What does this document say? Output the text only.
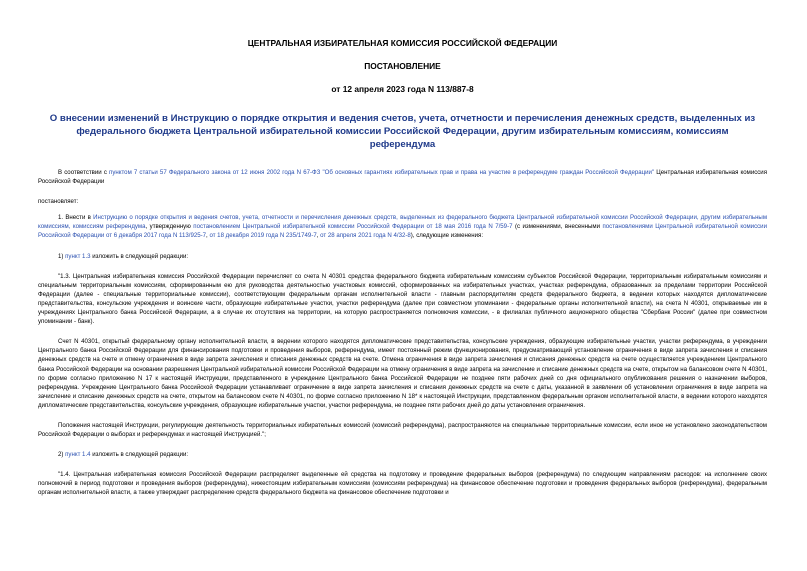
ЦЕНТРАЛЬНАЯ ИЗБИРАТЕЛЬНАЯ КОМИССИЯ РОССИЙСКОЙ ФЕДЕРАЦИИ
ПОСТАНОВЛЕНИЕ
от 12 апреля 2023 года N 113/887-8
О внесении изменений в Инструкцию о порядке открытия и ведения счетов, учета, отчетности и перечисления денежных средств, выделенных из федерального бюджета Центральной избирательной комиссии Российской Федерации, другим избирательным комиссиям, комиссиям референдума

В соответствии с пунктом 7 статьи 57 Федерального закона от 12 июня 2002 года N 67-ФЗ "Об основных гарантиях избирательных прав и права на участие в референдуме граждан Российской Федерации" Центральная избирательная комиссия Российской Федерации

постановляет:

1. Внести в Инструкцию о порядке открытия и ведения счетов, учета, отчетности и перечисления денежных средств, выделенных из федерального бюджета Центральной избирательной комиссии Российской Федерации, другим избирательным комиссиям, комиссиям референдума, утвержденную постановлением Центральной избирательной комиссии Российской Федерации от 18 мая 2016 года N 7/59-7 (с изменениями, внесенными постановлениями Центральной избирательной комиссии Российской Федерации от 6 декабря 2017 года N 113/925-7, от 18 декабря 2019 года N 235/1749-7, от 28 апреля 2021 года N 4/32-8), следующие изменения:

1) пункт 1.3 изложить в следующей редакции:

"1.3. Центральная избирательная комиссия Российской Федерации перечисляет со счета N 40301 средства федерального бюджета избирательным комиссиям субъектов Российской Федерации, территориальным избирательным комиссиям и специальным территориальным комиссиям, сформированным ею для руководства деятельностью участковых комиссий, сформированных на избирательных участках, участках референдума, образованных за пределами территории Российской Федерации (далее - специальные территориальные комиссии), соответствующим федеральным органам исполнительной власти - главным распорядителям средств федерального бюджета, в ведении которых находятся дипломатические представительства, консульские учреждения и воинские части, образующие избирательные участки, участки референдума (далее при совместном упоминании - федеральные органы исполнительной власти), на счета N 40301, открываемые им в учреждениях Центрального банка Российской Федерации, а в случае их отсутствия на территории, на которую распространяется полномочия комиссии, - в филиалах публичного акционерного общества "Сбербанк России" (далее при совместном упоминании - банк).

Счет N 40301, открытый федеральному органу исполнительной власти, в ведении которого находятся дипломатические представительства, консульские учреждения, образующие избирательные участки, участки референдума, в учреждении Центрального банка Российской Федерации для финансирования подготовки и проведения выборов, референдума, имеет постоянный режим функционирования, предусматривающий установление ограничения в виде запрета зачисления и списания денежных средств на счете и отмену ограничения в виде запрета зачисления и списания денежных средств на счете. Отмена ограничения в виде запрета зачисления и списания денежных средств на счете осуществляется учреждением Центрального банка Российской Федерации на основании разрешения Центральной избирательной комиссии Российской Федерации на отмену ограничения в виде запрета на зачисление и списание денежных средств на счете, открытом на балансовом счете N 40301, по форме согласно приложению N 17 к настоящей Инструкции, представленного в учреждение Центрального банка Российской Федерации не позднее пяти рабочих дней со дня официального опубликования решения о назначении выборов, референдума. Учреждение Центрального банка Российской Федерации устанавливает ограничение в виде запрета зачисления и списания денежных средств на счете с даты, указанной в заявлении об установлении ограничения в виде запрета на зачисление и списание денежных средств на счете, открытом на балансовом счете N 40301, по форме согласно приложению N 18* к настоящей Инструкции, представленном федеральным органом исполнительной власти, в ведении которого находятся дипломатические представительства, консульские учреждения, образующие избирательные участки, участки референдума, не позднее пяти рабочих дней до даты установления ограничения.

Положения настоящей Инструкции, регулирующие деятельность территориальных избирательных комиссий (комиссий референдума), распространяются на специальные территориальные комиссии, если иное не установлено законодательством Российской Федерации о выборах и референдумах и настоящей Инструкцией.";

2) пункт 1.4 изложить в следующей редакции:

"1.4. Центральная избирательная комиссия Российской Федерации распределяет выделенные ей средства на подготовку и проведение федеральных выборов (референдума) по следующим направлениям расходов: на исполнение своих полномочий в период подготовки и проведения выборов (референдума), нижестоящим избирательным комиссиям (комиссиям референдума) на финансовое обеспечение подготовки и проведения федеральных выборов (референдума), федеральным органам исполнительной власти, а также утверждает распределение средств федерального бюджета на финансовое обеспечение подготовки и
